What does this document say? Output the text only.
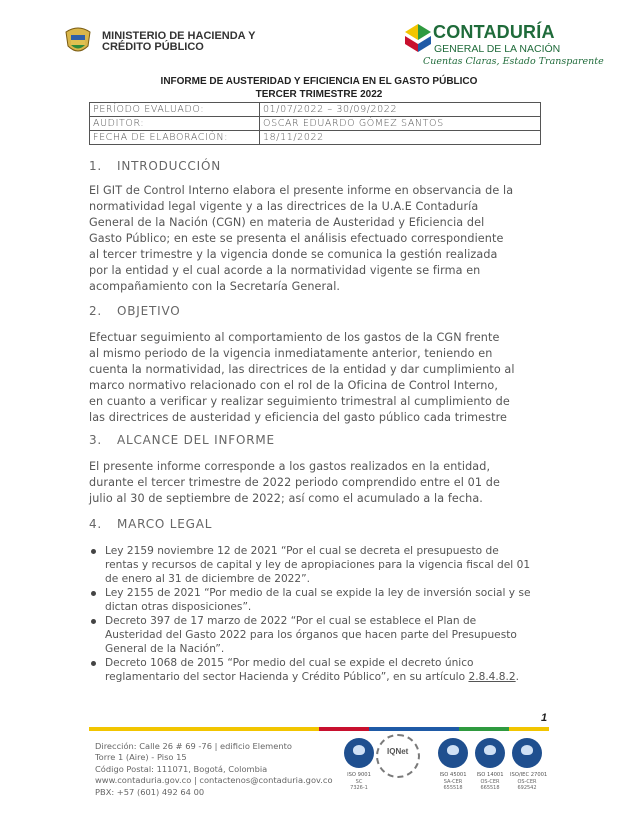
MINISTERIO DE HACIENDA Y
CRÉDITO PÚBLICO
CONTADURÍA
GENERAL DE LA NACIÓN
Cuentas Claras, Estado Transparente
INFORME DE AUSTERIDAD Y EFICIENCIA EN EL GASTO PÚBLICO
TERCER TRIMESTRE 2022
PERÍODO EVALUADO:	01/07/2022 – 30/09/2022
AUDITOR:	OSCAR EDUARDO GÓMEZ SANTOS
FECHA DE ELABORACIÓN:	18/11/2022
1. INTRODUCCIÓN
El GIT de Control Interno elabora el presente informe en observancia de la
normatividad legal vigente y a las directrices de la U.A.E Contaduría
General de la Nación (CGN) en materia de Austeridad y Eficiencia del
Gasto Público; en este se presenta el análisis efectuado correspondiente
al tercer trimestre y la vigencia donde se comunica la gestión realizada
por la entidad y el cual acorde a la normatividad vigente se firma en
acompañamiento con la Secretaría General.
2. OBJETIVO
Efectuar seguimiento al comportamiento de los gastos de la CGN frente
al mismo periodo de la vigencia inmediatamente anterior, teniendo en
cuenta la normatividad, las directrices de la entidad y dar cumplimiento al
marco normativo relacionado con el rol de la Oficina de Control Interno,
en cuanto a verificar y realizar seguimiento trimestral al cumplimiento de
las directrices de austeridad y eficiencia del gasto público cada trimestre
3. ALCANCE DEL INFORME
El presente informe corresponde a los gastos realizados en la entidad,
durante el tercer trimestre de 2022 periodo comprendido entre el 01 de
julio al 30 de septiembre de 2022; así como el acumulado a la fecha.
4. MARCO LEGAL
Ley 2159 noviembre 12 de 2021 “Por el cual se decreta el presupuesto de
rentas y recursos de capital y ley de apropiaciones para la vigencia fiscal del 01
de enero al 31 de diciembre de 2022”.
Ley 2155 de 2021 “Por medio de la cual se expide la ley de inversión social y se
dictan otras disposiciones”.
Decreto 397 de 17 marzo de 2022 “Por el cual se establece el Plan de
Austeridad del Gasto 2022 para los órganos que hacen parte del Presupuesto
General de la Nación”.
Decreto 1068 de 2015 “Por medio del cual se expide el decreto único
reglamentario del sector Hacienda y Crédito Público”, en su artículo 2.8.4.8.2.
1
Dirección: Calle 26 # 69 -76 | edificio Elemento
Torre 1 (Aire) - Piso 15
Código Postal: 111071, Bogotá, Colombia
www.contaduria.gov.co | contactenos@contaduria.gov.co
PBX: +57 (601) 492 64 00
ISO 9001
SC
7326-1
IQNet
ISO 45001
SA-CER
655518
ISO 14001
OS-CER
665518
ISO/IEC 27001
OS-CER
692542
